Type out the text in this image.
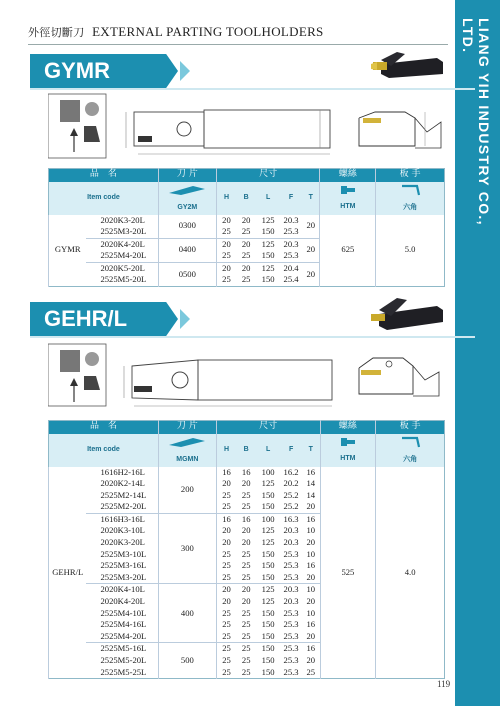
外徑切斷刀 EXTERNAL PARTING TOOLHOLDERS	LIANG YIH INDUSTRY CO., LTD.
GYMR
品　名		刀 片	尺寸					螺絲	板 手
Item code		GY2M	H	B	L	F	T	HTM	六角
GYMR	2020K3-20L	0300	20	20	125	20.3	20	625	5.0
	2525M3-20L		25	25	150	25.3			
	2020K4-20L	0400	20	20	125	20.3	20		
	2525M4-20L		25	25	150	25.3			
	2020K5-20L	0500	20	20	125	20.4	20		
	2525M5-20L		25	25	150	25.4			
GEHR/L
品　名		刀 片	尺寸					螺絲	板 手
Item code		MGMN	H	B	L	F	T	HTM	六角
GEHR/L	1616H2-16L	200	16	16	100	16.2	16	525	4.0
	2020K2-14L		20	20	125	20.2	14		
	2525M2-14L		25	25	150	25.2	14		
	2525M2-20L		25	25	150	25.2	20		
	1616H3-16L	300	16	16	100	16.3	16		
	2020K3-10L		20	20	125	20.3	10		
	2020K3-20L		20	20	125	20.3	20		
	2525M3-10L		25	25	150	25.3	10		
	2525M3-16L		25	25	150	25.3	16		
	2525M3-20L		25	25	150	25.3	20		
	2020K4-10L	400	20	20	125	20.3	10		
	2020K4-20L		20	20	125	20.3	20		
	2525M4-10L		25	25	150	25.3	10		
	2525M4-16L		25	25	150	25.3	16		
	2525M4-20L		25	25	150	25.3	20		
	2525M5-16L	500	25	25	150	25.3	16		
	2525M5-20L		25	25	150	25.3	20		
	2525M5-25L		25	25	150	25.3	25		
119
